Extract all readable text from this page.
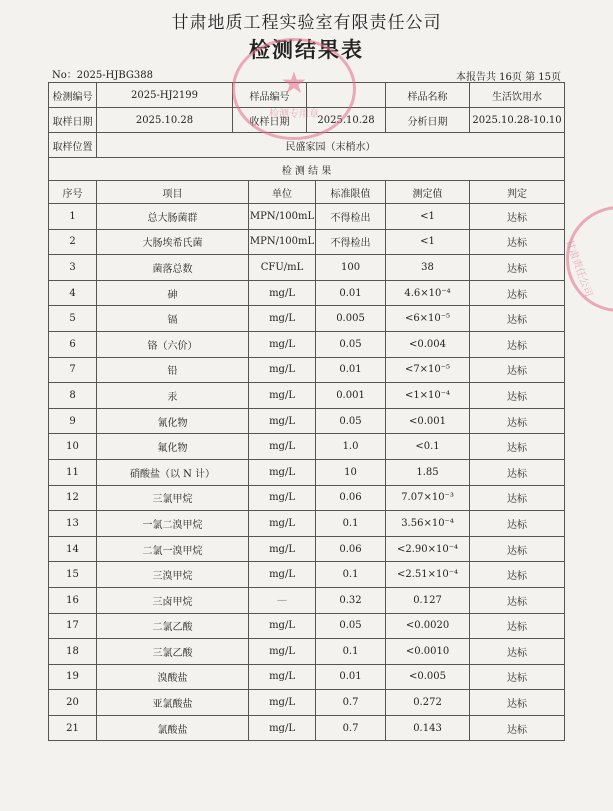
甘肃地质工程实验室有限责任公司
检测结果表
No：2025-HJBG388	本报告共 16页 第 15页
检测编号	2025-HJ2199	样品编号				样品名称	生活饮用水
取样日期	2025.10.28	收样日期		2025.10.28		分析日期	2025.10.28-10.10
取样位置	民盛家园（末梢水）						
检 测 结 果							
序号	项目		单位		标准限值	测定值	判定
1	总大肠菌群		MPN/100mL		不得检出	<1	达标
2	大肠埃希氏菌		MPN/100mL		不得检出	<1	达标
3	菌落总数		CFU/mL		100	38	达标
4	砷		mg/L		0.01	4.6×10⁻⁴	达标
5	镉		mg/L		0.005	<6×10⁻⁵	达标
6	铬（六价）		mg/L		0.05	<0.004	达标
7	铅		mg/L		0.01	<7×10⁻⁵	达标
8	汞		mg/L		0.001	<1×10⁻⁴	达标
9	氰化物		mg/L		0.05	<0.001	达标
10	氟化物		mg/L		1.0	<0.1	达标
11	硝酸盐（以 N 计）		mg/L		10	1.85	达标
12	三氯甲烷		mg/L		0.06	7.07×10⁻³	达标
13	一氯二溴甲烷		mg/L		0.1	3.56×10⁻⁴	达标
14	二氯一溴甲烷		mg/L		0.06	<2.90×10⁻⁴	达标
15	三溴甲烷		mg/L		0.1	<2.51×10⁻⁴	达标
16	三卤甲烷		—		0.32	0.127	达标
17	二氯乙酸		mg/L		0.05	<0.0020	达标
18	三氯乙酸		mg/L		0.1	<0.0010	达标
19	溴酸盐		mg/L		0.01	<0.005	达标
20	亚氯酸盐		mg/L		0.7	0.272	达标
21	氯酸盐		mg/L		0.7	0.143	达标
★
检测专用章
甘肃责任公司
